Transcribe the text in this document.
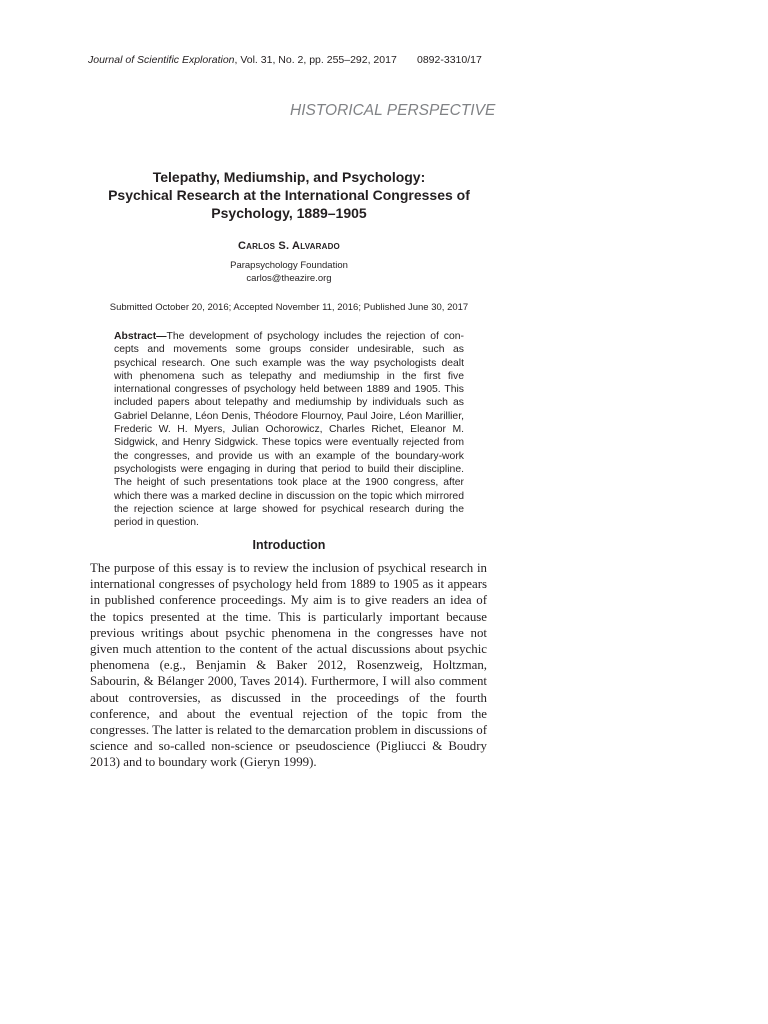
Journal of Scientific Exploration, Vol. 31, No. 2, pp. 255–292, 2017 0892-3310/17
HISTORICAL PERSPECTIVE
Telepathy, Mediumship, and Psychology:
Psychical Research at the International Congresses of
Psychology, 1889–1905
Carlos S. Alvarado
Parapsychology Foundation
carlos@theazire.org
Submitted October 20, 2016; Accepted November 11, 2016; Published June 30, 2017
Abstract—The development of psychology includes the rejection of concepts and movements some groups consider undesirable, such as psychical research. One such example was the way psychologists dealt with phenomena such as telepathy and mediumship in the first five international congresses of psychology held between 1889 and 1905. This included papers about telepathy and mediumship by individuals such as Gabriel Delanne, Léon Denis, Théodore Flournoy, Paul Joire, Léon Marillier, Frederic W. H. Myers, Julian Ochorowicz, Charles Richet, Eleanor M. Sidgwick, and Henry Sidgwick. These topics were eventually rejected from the congresses, and provide us with an example of the boundary-work psychologists were engaging in during that period to build their discipline. The height of such presentations took place at the 1900 congress, after which there was a marked decline in discussion on the topic which mirrored the rejection science at large showed for psychical research during the period in question.
Introduction
The purpose of this essay is to review the inclusion of psychical research in international congresses of psychology held from 1889 to 1905 as it appears in published conference proceedings. My aim is to give readers an idea of the topics presented at the time. This is particularly important because previous writings about psychic phenomena in the congresses have not given much attention to the content of the actual discussions about psychic phenomena (e.g., Benjamin & Baker 2012, Rosenzweig, Holtzman, Sabourin, & Bélanger 2000, Taves 2014). Furthermore, I will also comment about controversies, as discussed in the proceedings of the fourth conference, and about the eventual rejection of the topic from the congresses. The latter is related to the demarcation problem in discussions of science and so-called non-science or pseudoscience (Pigliucci & Boudry 2013) and to boundary work (Gieryn 1999).
